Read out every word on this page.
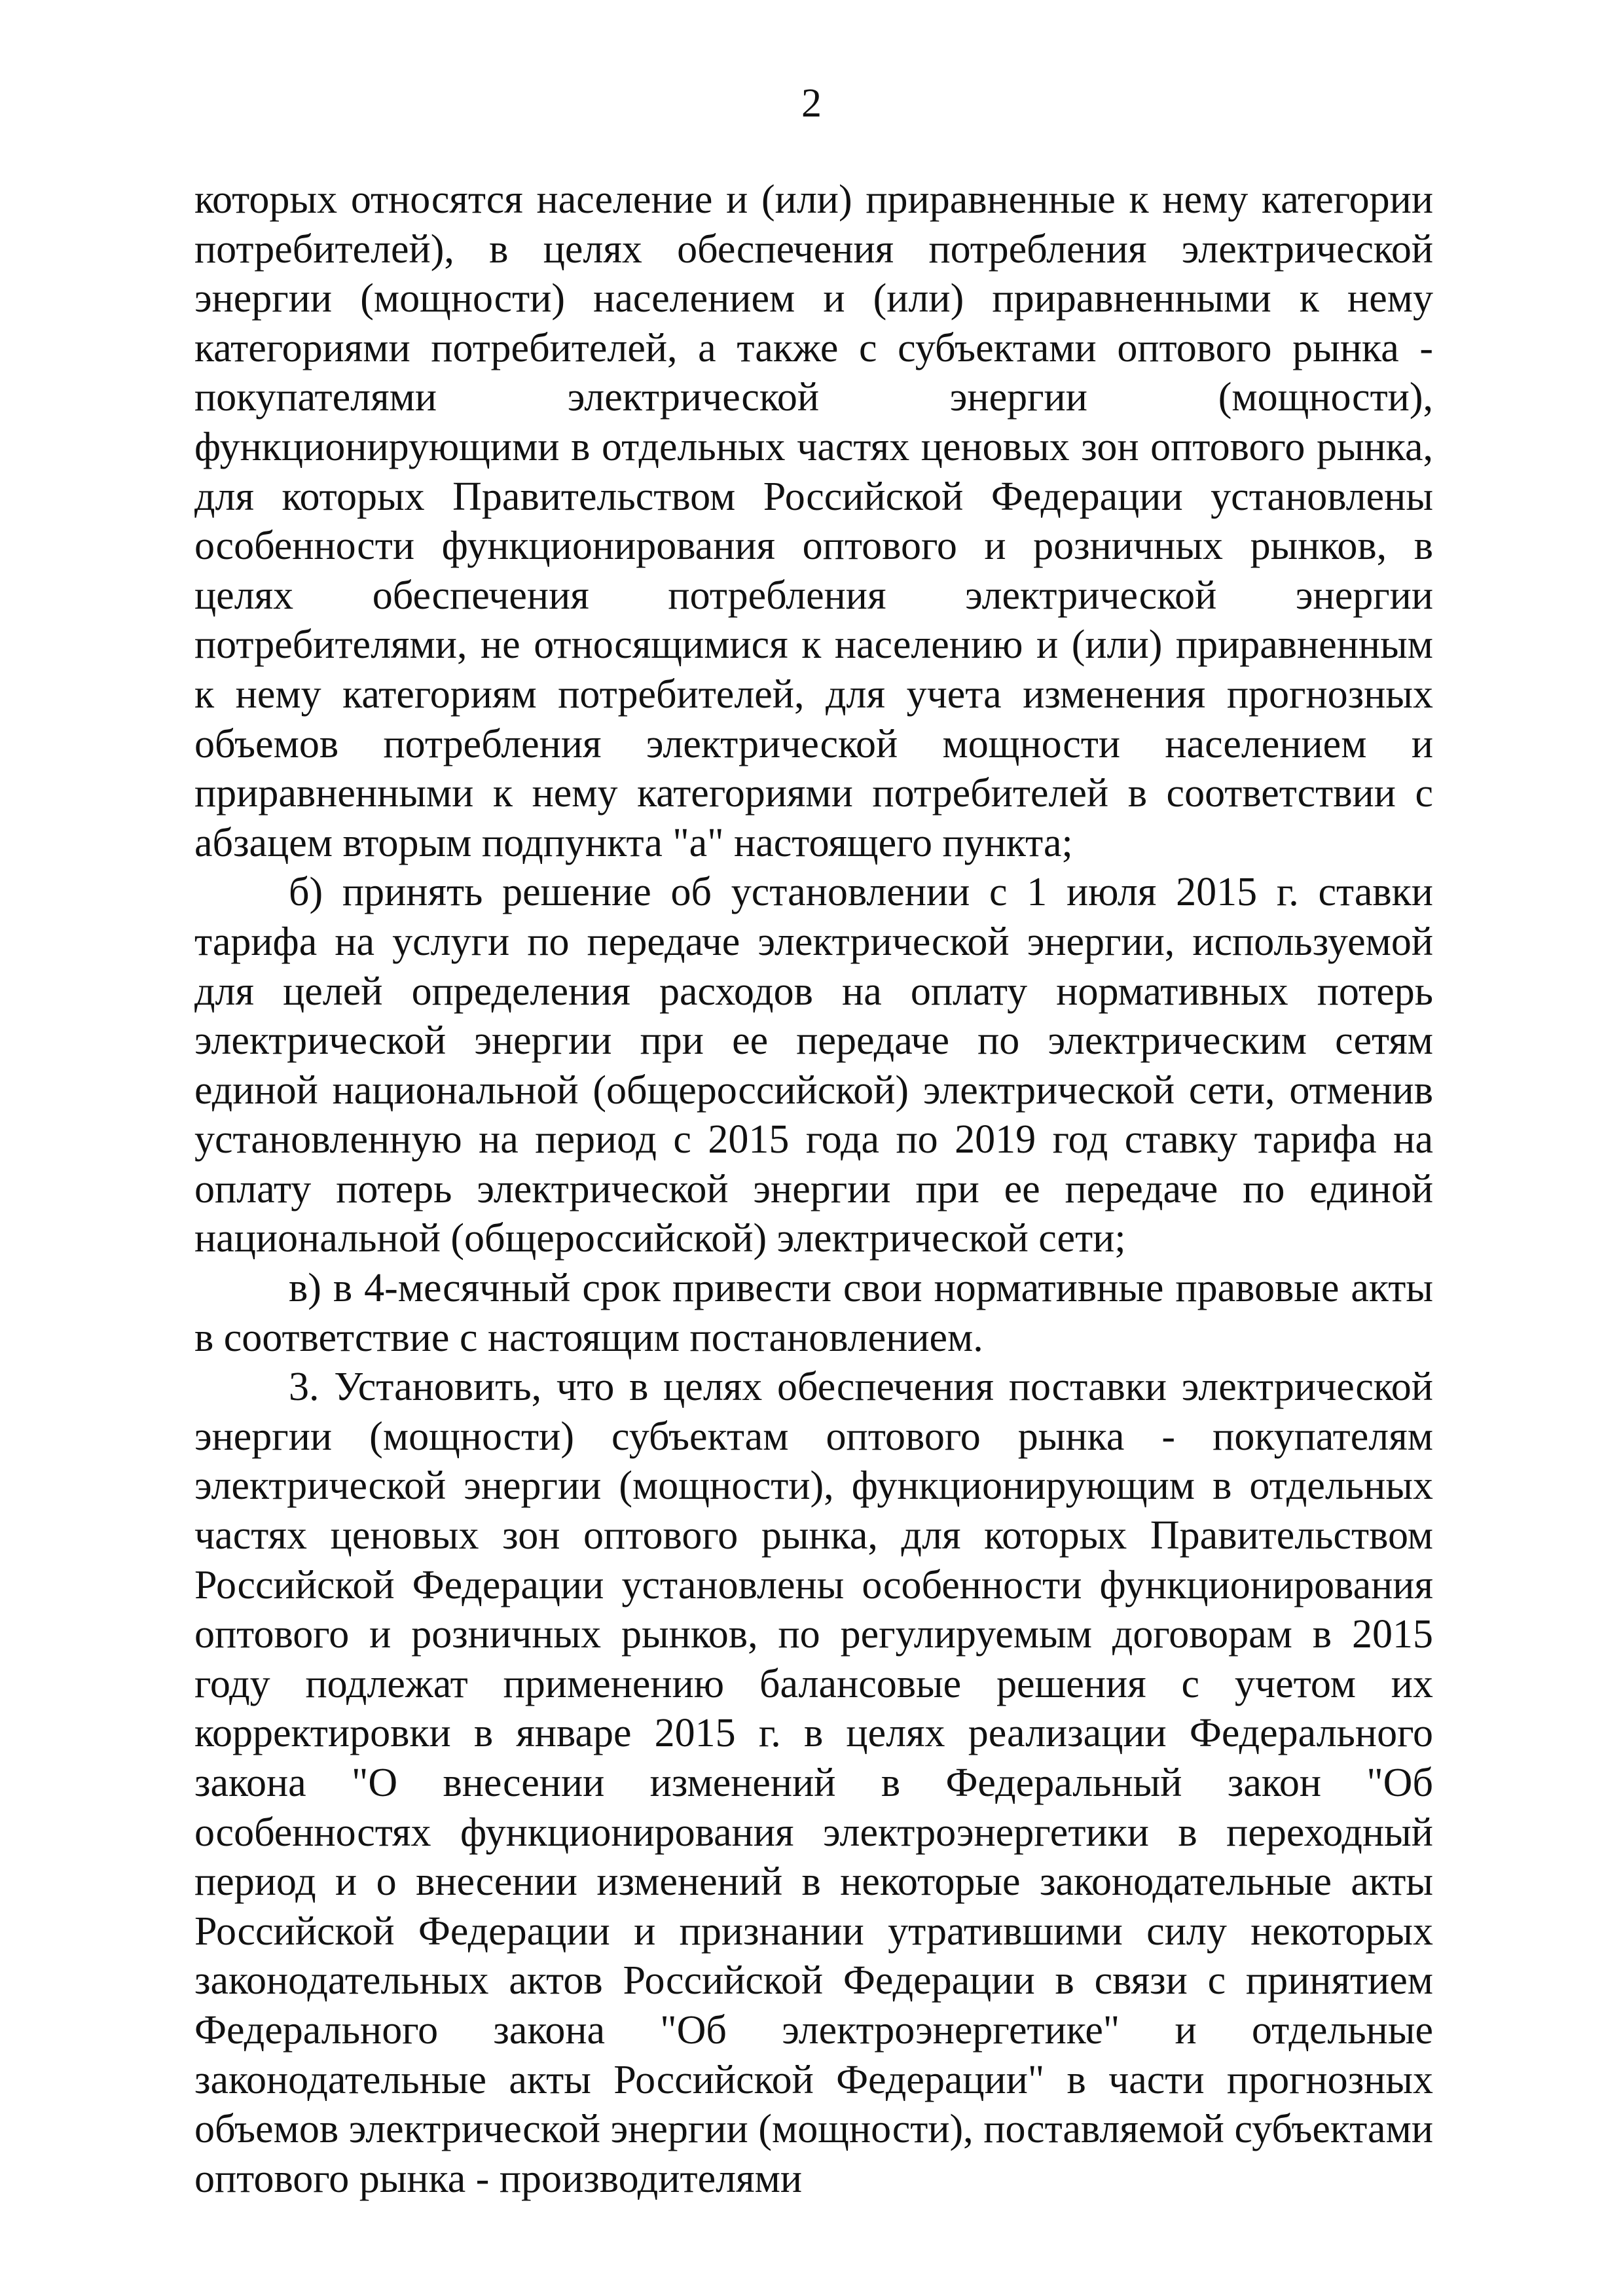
2

которых относятся население и (или) приравненные к нему категории потребителей), в целях обеспечения потребления электрической энергии (мощности) населением и (или) приравненными к нему категориями потребителей, а также с субъектами оптового рынка - покупателями электрической энергии (мощности), функционирующими в отдельных частях ценовых зон оптового рынка, для которых Правительством Российской Федерации установлены особенности функционирования оптового и розничных рынков, в целях обеспечения потребления электрической энергии потребителями, не относящимися к населению и (или) приравненным к нему категориям потребителей, для учета изменения прогнозных объемов потребления электрической мощности населением и приравненными к нему категориями потребителей в соответствии с абзацем вторым подпункта "а" настоящего пункта;

б) принять решение об установлении с 1 июля 2015 г. ставки тарифа на услуги по передаче электрической энергии, используемой для целей определения расходов на оплату нормативных потерь электрической энергии при ее передаче по электрическим сетям единой национальной (общероссийской) электрической сети, отменив установленную на период с 2015 года по 2019 год ставку тарифа на оплату потерь электрической энергии при ее передаче по единой национальной (общероссийской) электрической сети;

в) в 4-месячный срок привести свои нормативные правовые акты в соответствие с настоящим постановлением.

3. Установить, что в целях обеспечения поставки электрической энергии (мощности) субъектам оптового рынка - покупателям электрической энергии (мощности), функционирующим в отдельных частях ценовых зон оптового рынка, для которых Правительством Российской Федерации установлены особенности функционирования оптового и розничных рынков, по регулируемым договорам в 2015 году подлежат применению балансовые решения с учетом их корректировки в январе 2015 г. в целях реализации Федерального закона "О внесении изменений в Федеральный закон "Об особенностях функционирования электроэнергетики в переходный период и о внесении изменений в некоторые законодательные акты Российской Федерации и признании утратившими силу некоторых законодательных актов Российской Федерации в связи с принятием Федерального закона "Об электроэнергетике" и отдельные законодательные акты Российской Федерации" в части прогнозных объемов электрической энергии (мощности), поставляемой субъектами оптового рынка - производителями
